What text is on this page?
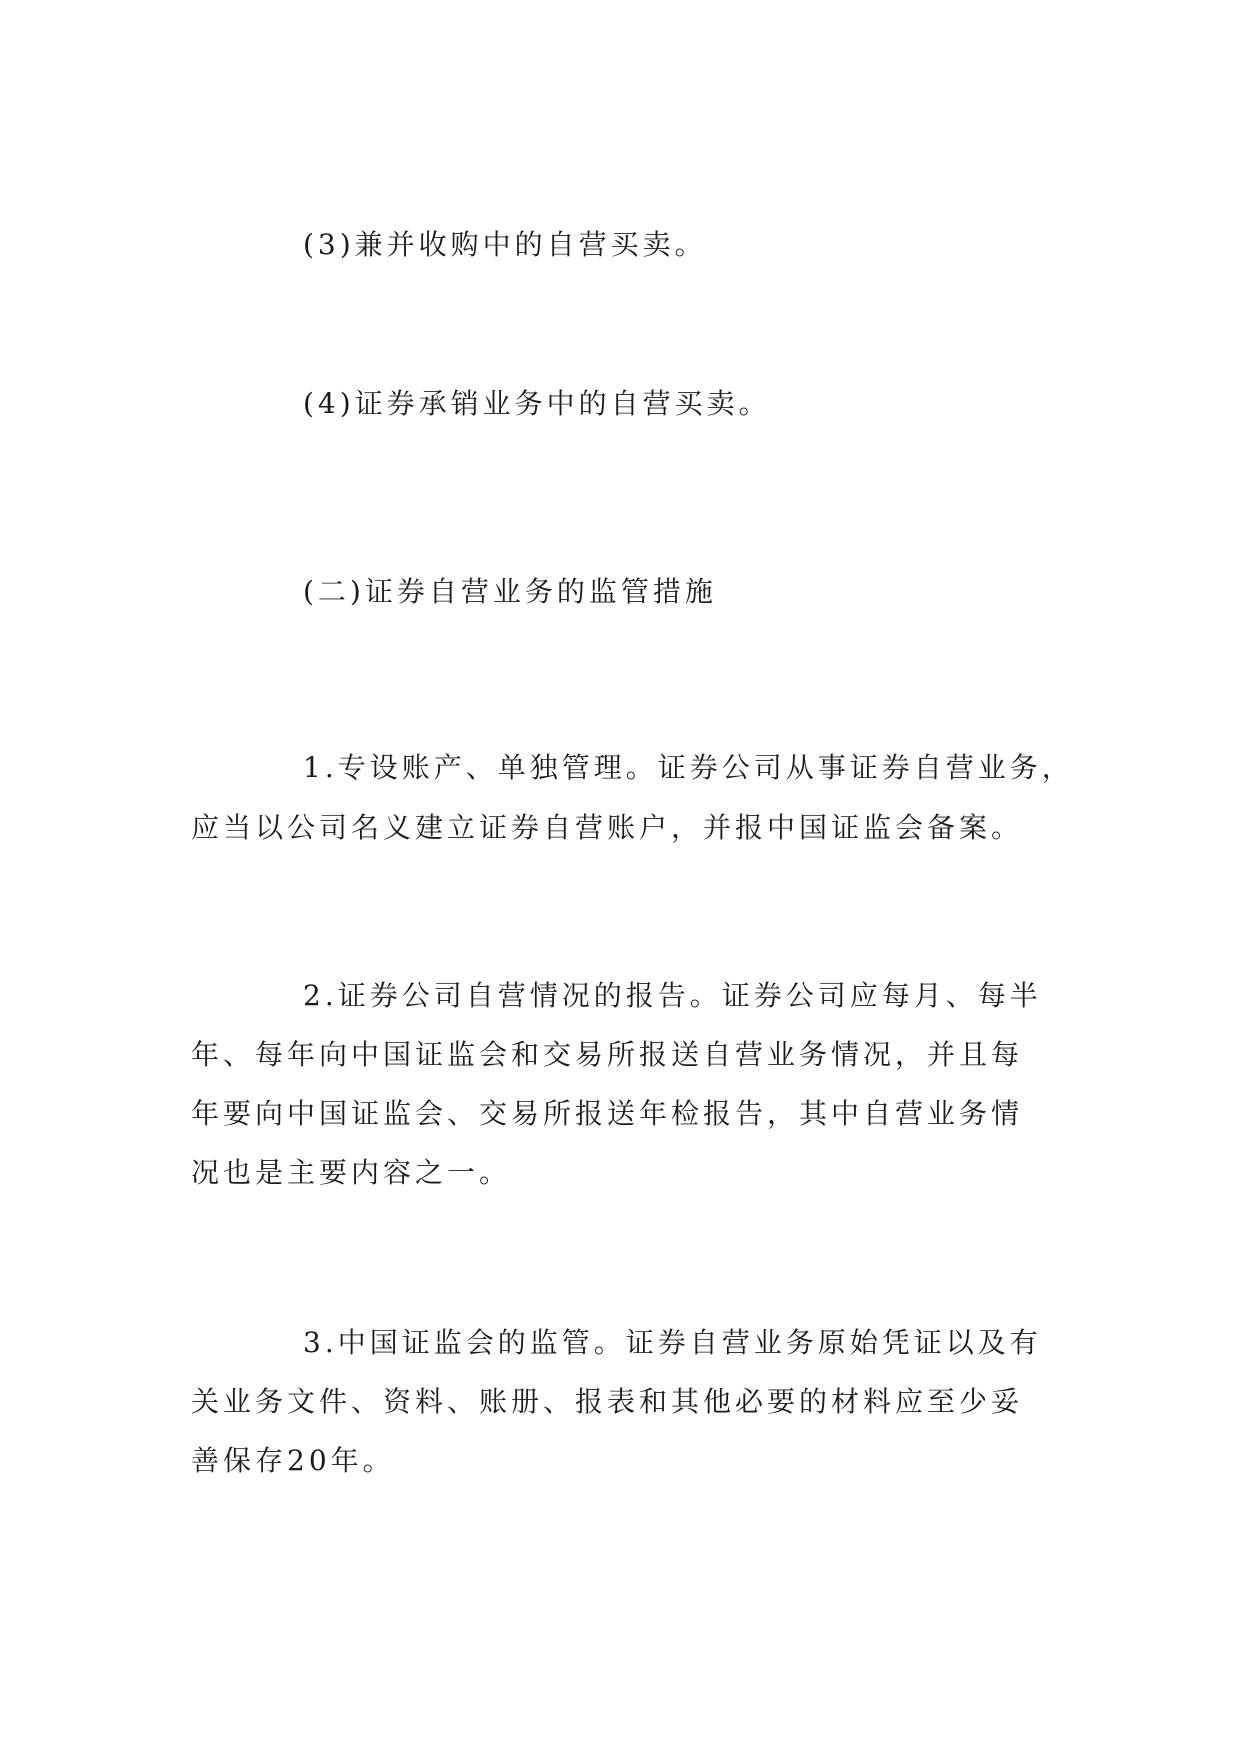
(3)兼并收购中的自营买卖。

(4)证券承销业务中的自营买卖。

(二)证券自营业务的监管措施

1.专设账产、单独管理。证券公司从事证券自营业务，

应当以公司名义建立证券自营账户，并报中国证监会备案。

2.证券公司自营情况的报告。证券公司应每月、每半

年、每年向中国证监会和交易所报送自营业务情况，并且每

年要向中国证监会、交易所报送年检报告，其中自营业务情

况也是主要内容之一。

3.中国证监会的监管。证券自营业务原始凭证以及有

关业务文件、资料、账册、报表和其他必要的材料应至少妥

善保存20年。
